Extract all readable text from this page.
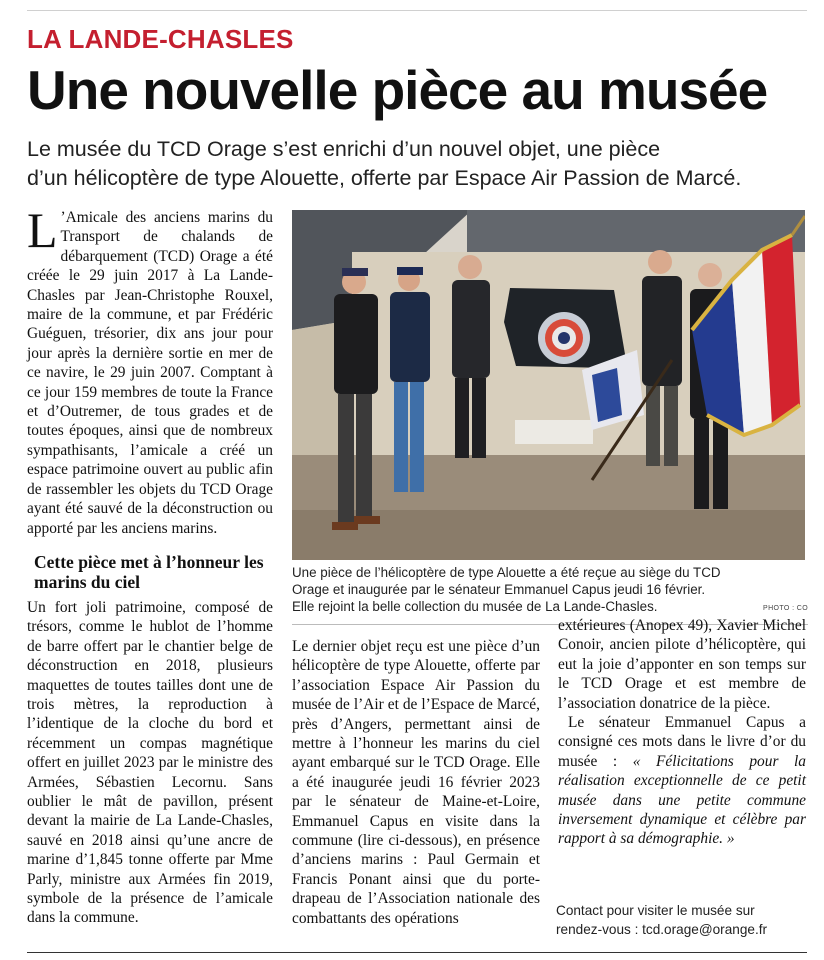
LA LANDE-CHASLES
Une nouvelle pièce au musée
Le musée du TCD Orage s’est enrichi d’un nouvel objet, une pièce
d’un hélicoptère de type Alouette, offerte par Espace Air Passion de Marcé.

L ’Amicale des anciens marins du Transport de chalands de débarquement (TCD) Orage a été créée le 29 juin 2017 à La Lande-Chasles par Jean-Christophe Rouxel, maire de la commune, et par Frédéric Guéguen, trésorier, dix ans jour pour jour après la dernière sortie en mer de ce navire, le 29 juin 2007. Comptant à ce jour 159 membres de toute la France et d’Outremer, de tous grades et de toutes époques, ainsi que de nombreux sympathisants, l’amicale a créé un espace patrimoine ouvert au public afin de rassembler les objets du TCD Orage ayant été sauvé de la déconstruction ou apporté par les anciens marins.

Cette pièce met à l’honneur les marins du ciel

Un fort joli patrimoine, composé de trésors, comme le hublot de l’homme de barre offert par le chantier belge de déconstruction en 2018, plusieurs maquettes de toutes tailles dont une de trois mètres, la reproduction à l’identique de la cloche du bord et récemment un compas magnétique offert en juillet 2023 par le ministre des Armées, Sébastien Lecornu. Sans oublier le mât de pavillon, présent devant la mairie de La Lande-Chasles, sauvé en 2018 ainsi qu’une ancre de marine d’1,845 tonne offerte par Mme Parly, ministre aux Armées fin 2019, symbole de la présence de l’amicale dans la commune.

Une pièce de l’hélicoptère de type Alouette a été reçue au siège du TCD
Orage et inaugurée par le sénateur Emmanuel Capus jeudi 16 février.
Elle rejoint la belle collection du musée de La Lande-Chasles.	PHOTO : CO

Le dernier objet reçu est une pièce d’un hélicoptère de type Alouette, offerte par l’association Espace Air Passion du musée de l’Air et de l’Espace de Marcé, près d’Angers, permettant ainsi de mettre à l’honneur les marins du ciel ayant embarqué sur le TCD Orage. Elle a été inaugurée jeudi 16 février 2023 par le sénateur de Maine-et-Loire, Emmanuel Capus en visite dans la commune (lire ci-dessous), en présence d’anciens marins : Paul Germain et Francis Ponant ainsi que du porte-drapeau de l’Association nationale des combattants des opérations

extérieures (Anopex 49), Xavier Michel Conoir, ancien pilote d’hélicoptère, qui eut la joie d’apponter en son temps sur le TCD Orage et est membre de l’association donatrice de la pièce.

Le sénateur Emmanuel Capus a consigné ces mots dans le livre d’or du musée : « Félicitations pour la réalisation exceptionnelle de ce petit musée dans une petite commune inversement dynamique et célèbre par rapport à sa démographie. »

Contact pour visiter le musée sur
rendez-vous : tcd.orage@orange.fr
